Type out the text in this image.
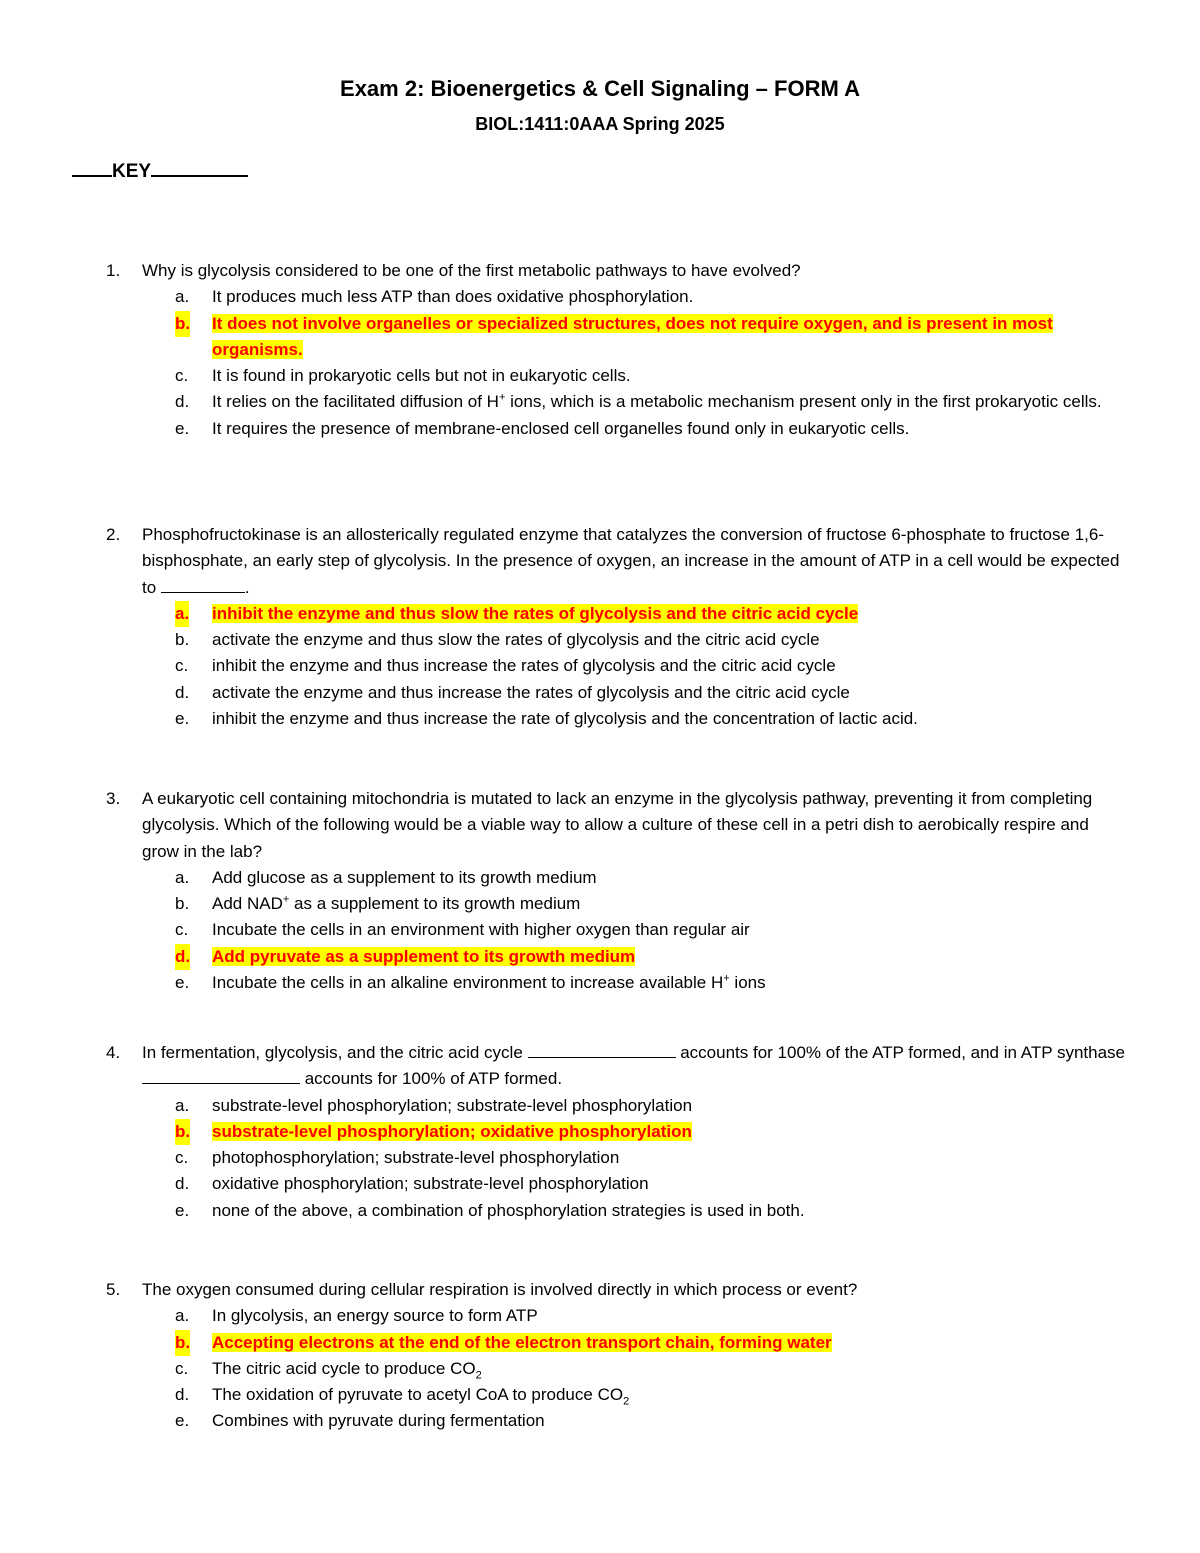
Exam 2: Bioenergetics & Cell Signaling – FORM A
BIOL:1411:0AAA Spring 2025
KEY
1. Why is glycolysis considered to be one of the first metabolic pathways to have evolved?
a. It produces much less ATP than does oxidative phosphorylation.
b. It does not involve organelles or specialized structures, does not require oxygen, and is present in most organisms.
c. It is found in prokaryotic cells but not in eukaryotic cells.
d. It relies on the facilitated diffusion of H+ ions, which is a metabolic mechanism present only in the first prokaryotic cells.
e. It requires the presence of membrane-enclosed cell organelles found only in eukaryotic cells.
2. Phosphofructokinase is an allosterically regulated enzyme that catalyzes the conversion of fructose 6-phosphate to fructose 1,6-bisphosphate, an early step of glycolysis. In the presence of oxygen, an increase in the amount of ATP in a cell would be expected to	.
a. inhibit the enzyme and thus slow the rates of glycolysis and the citric acid cycle
b. activate the enzyme and thus slow the rates of glycolysis and the citric acid cycle
c. inhibit the enzyme and thus increase the rates of glycolysis and the citric acid cycle
d. activate the enzyme and thus increase the rates of glycolysis and the citric acid cycle
e. inhibit the enzyme and thus increase the rate of glycolysis and the concentration of lactic acid.
3. A eukaryotic cell containing mitochondria is mutated to lack an enzyme in the glycolysis pathway, preventing it from completing glycolysis. Which of the following would be a viable way to allow a culture of these cell in a petri dish to aerobically respire and grow in the lab?
a. Add glucose as a supplement to its growth medium
b. Add NAD+ as a supplement to its growth medium
c. Incubate the cells in an environment with higher oxygen than regular air
d. Add pyruvate as a supplement to its growth medium
e. Incubate the cells in an alkaline environment to increase available H+ ions
4. In fermentation, glycolysis, and the citric acid cycle	accounts for 100% of the ATP formed, and in ATP synthase  accounts for 100% of ATP formed.
a. substrate-level phosphorylation; substrate-level phosphorylation
b. substrate-level phosphorylation; oxidative phosphorylation
c. photophosphorylation; substrate-level phosphorylation
d. oxidative phosphorylation; substrate-level phosphorylation
e. none of the above, a combination of phosphorylation strategies is used in both.
5. The oxygen consumed during cellular respiration is involved directly in which process or event?
a. In glycolysis, an energy source to form ATP
b. Accepting electrons at the end of the electron transport chain, forming water
c. The citric acid cycle to produce $CO_2$
d. The oxidation of pyruvate to acetyl CoA to produce $CO_2$
e. Combines with pyruvate during fermentation
